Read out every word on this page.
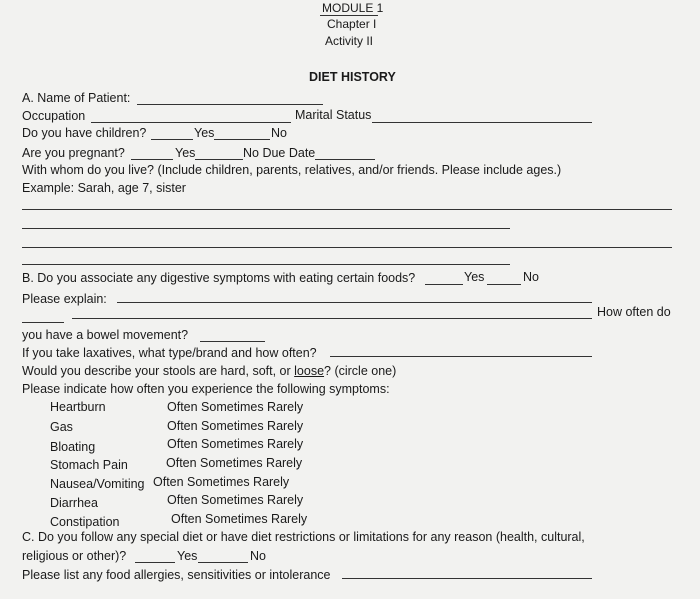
MODULE 1
Chapter I
Activity II
DIET HISTORY
A. Name of Patient:
Occupation	Marital Status
Do you have children?	Yes	No
Are you pregnant?	Yes	No Due Date
With whom do you live? (Include children, parents, relatives, and/or friends. Please include ages.)
Example: Sarah, age 7, sister
B. Do you associate any digestive symptoms with eating certain foods?	Yes	No
Please explain:
How often do
you have a bowel movement?
If you take laxatives, what type/brand and how often?
Would you describe your stools are hard, soft, or loose? (circle one)
Please indicate how often you experience the following symptoms:
Heartburn	Often Sometimes Rarely
Gas	Often Sometimes Rarely
Bloating	Often Sometimes Rarely
Stomach Pain	Often Sometimes Rarely
Nausea/Vomiting Often Sometimes Rarely
Diarrhea	Often Sometimes Rarely
Constipation	Often Sometimes Rarely
C. Do you follow any special diet or have diet restrictions or limitations for any reason (health, cultural,
religious or other)?	Yes	No
Please list any food allergies, sensitivities or intolerance
